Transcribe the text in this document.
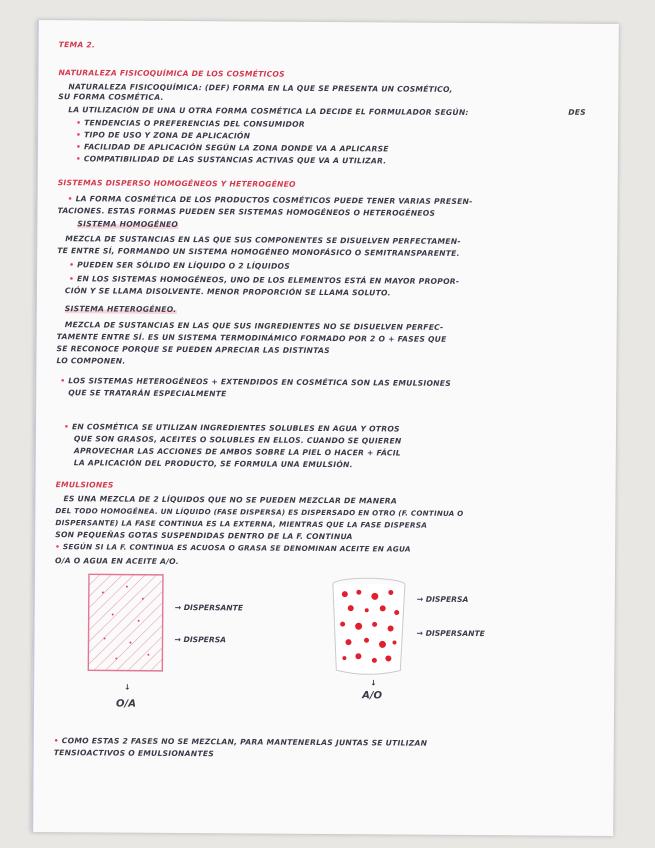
TEMA 2.

NATURALEZA FISICOQUÍMICA DE LOS COSMÉTICOS

NATURALEZA FISICOQUÍMICA: (DEF) FORMA EN LA QUE SE PRESENTA UN COSMÉTICO,

SU FORMA COSMÉTICA.

LA UTILIZACIÓN DE UNA U OTRA FORMA COSMÉTICA LA DECIDE EL FORMULADOR SEGÚN:	DES

• TENDENCIAS O PREFERENCIAS DEL CONSUMIDOR

• TIPO DE USO Y ZONA DE APLICACIÓN

• FACILIDAD DE APLICACIÓN SEGÚN LA ZONA DONDE VA A APLICARSE

• COMPATIBILIDAD DE LAS SUSTANCIAS ACTIVAS QUE VA A UTILIZAR.

SISTEMAS DISPERSO HOMOGÉNEOS Y HETEROGÉNEO

• LA FORMA COSMÉTICA DE LOS PRODUCTOS COSMÉTICOS PUEDE TENER VARIAS PRESEN-

TACIONES. ESTAS FORMAS PUEDEN SER SISTEMAS HOMOGÉNEOS O HETEROGÉNEOS

SISTEMA HOMOGÉNEO

MEZCLA DE SUSTANCIAS EN LAS QUE SUS COMPONENTES SE DISUELVEN PERFECTAMEN-

TE ENTRE SÍ, FORMANDO UN SISTEMA HOMOGÉNEO MONOFÁSICO O SEMITRANSPARENTE.

• PUEDEN SER SÓLIDO EN LÍQUIDO O 2 LÍQUIDOS

• EN LOS SISTEMAS HOMOGÉNEOS, UNO DE LOS ELEMENTOS ESTÁ EN MAYOR PROPOR-

CIÓN Y SE LLAMA DISOLVENTE. MENOR PROPORCIÓN SE LLAMA SOLUTO.

SISTEMA HETEROGÉNEO.

MEZCLA DE SUSTANCIAS EN LAS QUE SUS INGREDIENTES NO SE DISUELVEN PERFEC-

TAMENTE ENTRE SÍ. ES UN SISTEMA TERMODINÁMICO FORMADO POR 2 O + FASES QUE

SE RECONOCE PORQUE SE PUEDEN APRECIAR LAS DISTINTAS

LO COMPONEN.

• LOS SISTEMAS HETEROGÉNEOS + EXTENDIDOS EN COSMÉTICA SON LAS EMULSIONES

QUE SE TRATARÁN ESPECIALMENTE

• EN COSMÉTICA SE UTILIZAN INGREDIENTES SOLUBLES EN AGUA Y OTROS

QUE SON GRASOS, ACEITES O SOLUBLES EN ELLOS. CUANDO SE QUIEREN

APROVECHAR LAS ACCIONES DE AMBOS SOBRE LA PIEL O HACER + FÁCIL

LA APLICACIÓN DEL PRODUCTO, SE FORMULA UNA EMULSIÓN.

EMULSIONES

ES UNA MEZCLA DE 2 LÍQUIDOS QUE NO SE PUEDEN MEZCLAR DE MANERA

DEL TODO HOMOGÉNEA. UN LÍQUIDO (FASE DISPERSA) ES DISPERSADO EN OTRO (F. CONTINUA O

DISPERSANTE) LA FASE CONTINUA ES LA EXTERNA, MIENTRAS QUE LA FASE DISPERSA

SON PEQUEÑAS GOTAS SUSPENDIDAS DENTRO DE LA F. CONTINUA

• SEGÚN SI LA F. CONTINUA ES ACUOSA O GRASA SE DENOMINAN ACEITE EN AGUA

O/A O AGUA EN ACEITE A/O.

→ DISPERSANTE
→ DISPERSA
↓
O/A
→ DISPERSA
→ DISPERSANTE
↓
A/O

• COMO ESTAS 2 FASES NO SE MEZCLAN, PARA MANTENERLAS JUNTAS SE UTILIZAN

TENSIOACTIVOS O EMULSIONANTES
